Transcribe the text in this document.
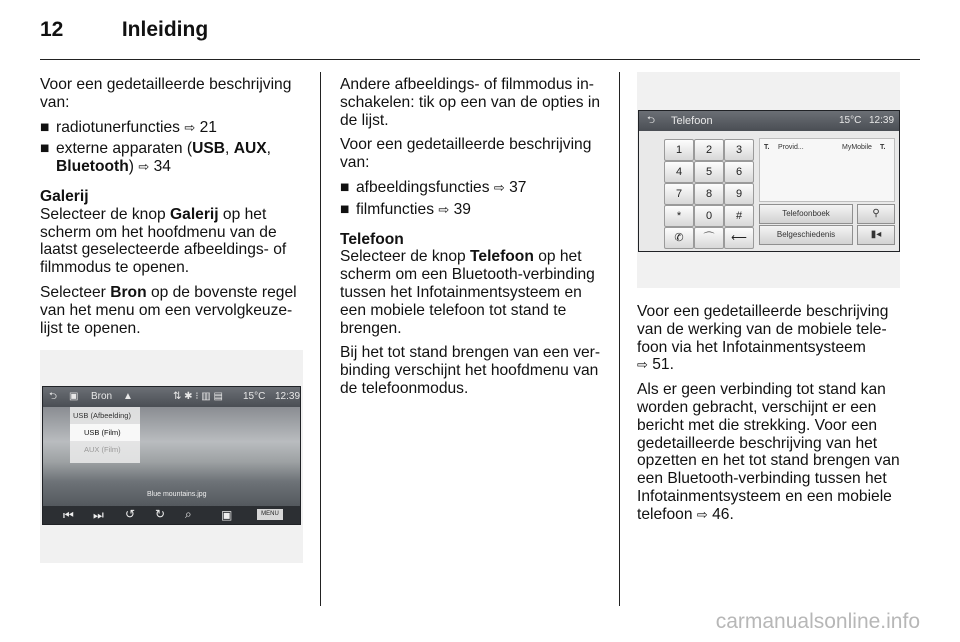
12	Inleiding

Voor een gedetailleerde beschrijving van:

■ radiotunerfuncties ⇨ 21

■ externe apparaten (USB, AUX, Bluetooth) ⇨ 34

Galerij

Selecteer de knop Galerij op het scherm om het hoofdmenu van de laatst geselecteerde afbeeldings- of filmmodus te openen.

Selecteer Bron op de bovenste regel van het menu om een vervolgkeuze-lijst te openen.

⮌ ▣ Bron ▲	⇅ ✱ ⁝ ▥ ▤ 15°C 12:39
USB (Afbeelding)
USB (Film)
AUX (Film)
Blue mountains.jpg
⏮ ⏭ ↺ ↻ ⌕ ▣	MENU

Andere afbeeldings- of filmmodus in-schakelen: tik op een van de opties in de lijst.

Voor een gedetailleerde beschrijving van:

■ afbeeldingsfuncties ⇨ 37

■ filmfuncties ⇨ 39

Telefoon

Selecteer de knop Telefoon op het scherm om een Bluetooth-verbinding tussen het Infotainmentsysteem en een mobiele telefoon tot stand te brengen.

Bij het tot stand brengen van een ver-binding verschijnt het hoofdmenu van de telefoonmodus.

⮌ Telefoon	15°C 12:39
1	2	3
4	5	6
7	8	9
*	0	#
✆	⌒	⟵
T. Provid...	MyMobile T.
Telefoonboek	⚲
Belgeschiedenis	▮◂

Voor een gedetailleerde beschrijving van de werking van de mobiele tele-foon via het Infotainmentsysteem
⇨ 51.

Als er geen verbinding tot stand kan worden gebracht, verschijnt er een bericht met die strekking. Voor een gedetailleerde beschrijving van het opzetten en het tot stand brengen van een Bluetooth-verbinding tussen het Infotainmentsysteem en een mobiele telefoon ⇨ 46.

carmanualsonline.info
